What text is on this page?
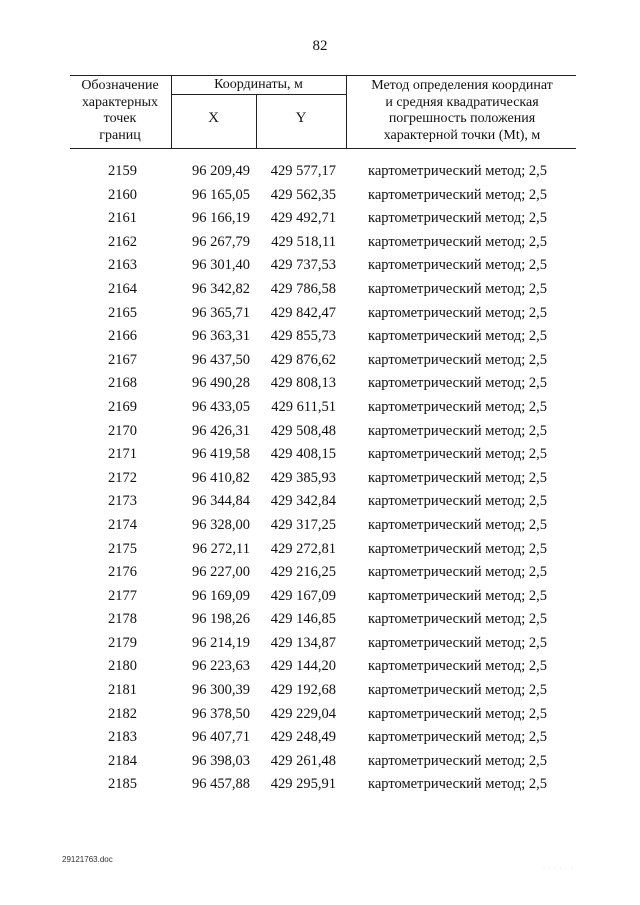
82
Обозначение
характерных
точек
границ
Координаты, м
X	Y
Метод определения координат
и средняя квадратическая
погрешность положения
характерной точки (Mt), м
2159	96 209,49	429 577,17 картометрический метод; 2,5
2160	96 165,05	429 562,35 картометрический метод; 2,5
2161	96 166,19	429 492,71 картометрический метод; 2,5
2162	96 267,79	429 518,11 картометрический метод; 2,5
2163	96 301,40	429 737,53 картометрический метод; 2,5
2164	96 342,82	429 786,58 картометрический метод; 2,5
2165	96 365,71	429 842,47 картометрический метод; 2,5
2166	96 363,31	429 855,73 картометрический метод; 2,5
2167	96 437,50	429 876,62 картометрический метод; 2,5
2168	96 490,28	429 808,13 картометрический метод; 2,5
2169	96 433,05	429 611,51 картометрический метод; 2,5
2170	96 426,31	429 508,48 картометрический метод; 2,5
2171	96 419,58	429 408,15 картометрический метод; 2,5
2172	96 410,82	429 385,93 картометрический метод; 2,5
2173	96 344,84	429 342,84 картометрический метод; 2,5
2174	96 328,00	429 317,25 картометрический метод; 2,5
2175	96 272,11	429 272,81 картометрический метод; 2,5
2176	96 227,00	429 216,25 картометрический метод; 2,5
2177	96 169,09	429 167,09 картометрический метод; 2,5
2178	96 198,26	429 146,85 картометрический метод; 2,5
2179	96 214,19	429 134,87 картометрический метод; 2,5
2180	96 223,63	429 144,20 картометрический метод; 2,5
2181	96 300,39	429 192,68 картометрический метод; 2,5
2182	96 378,50	429 229,04 картометрический метод; 2,5
2183	96 407,71	429 248,49 картометрический метод; 2,5
2184	96 398,03	429 261,48 картометрический метод; 2,5
2185	96 457,88	429 295,91 картометрический метод; 2,5
29121763.doc
· · · · · ·
